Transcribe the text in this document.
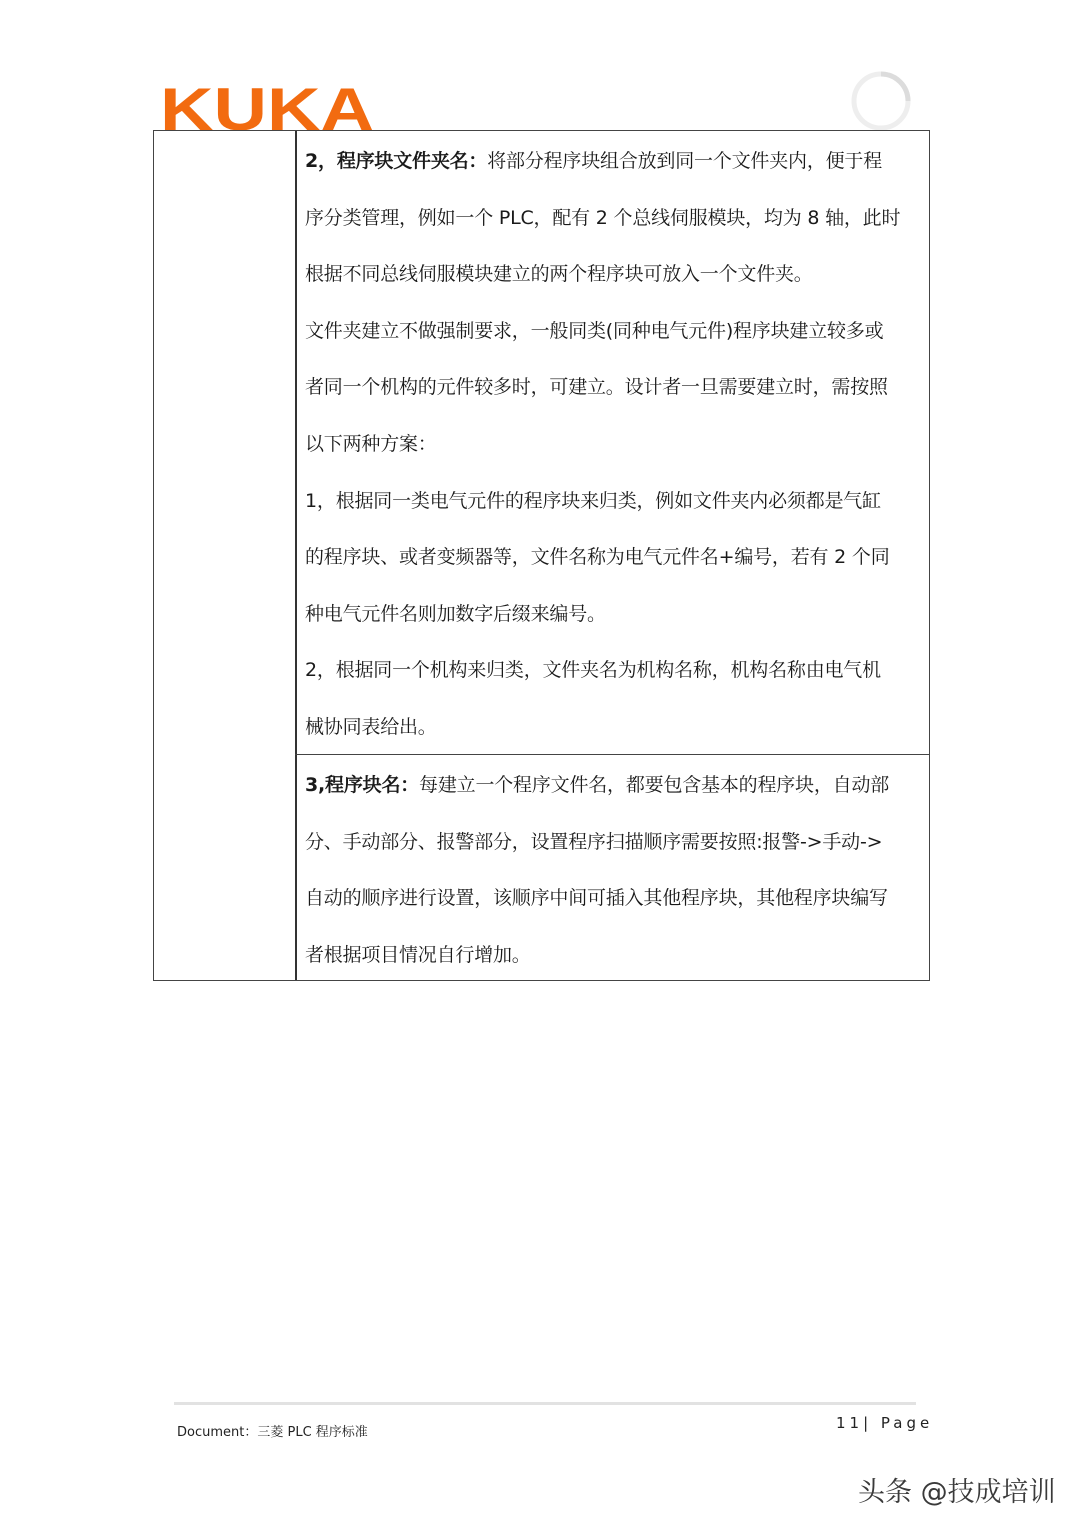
KUKA
2，程序块文件夹名：将部分程序块组合放到同一个文件夹内，便于程
序分类管理，例如一个 PLC，配有 2 个总线伺服模块，均为 8 轴，此时
根据不同总线伺服模块建立的两个程序块可放入一个文件夹。
文件夹建立不做强制要求，一般同类(同种电气元件)程序块建立较多或
者同一个机构的元件较多时，可建立。设计者一旦需要建立时，需按照
以下两种方案：
1，根据同一类电气元件的程序块来归类，例如文件夹内必须都是气缸
的程序块、或者变频器等，文件名称为电气元件名+编号，若有 2 个同
种电气元件名则加数字后缀来编号。
2，根据同一个机构来归类，文件夹名为机构名称，机构名称由电气机
械协同表给出。
3,程序块名：每建立一个程序文件名，都要包含基本的程序块，自动部
分、手动部分、报警部分，设置程序扫描顺序需要按照:报警->手动->
自动的顺序进行设置，该顺序中间可插入其他程序块，其他程序块编写
者根据项目情况自行增加。
Document：三菱 PLC 程序标准
11| Page
头条 @技成培训
